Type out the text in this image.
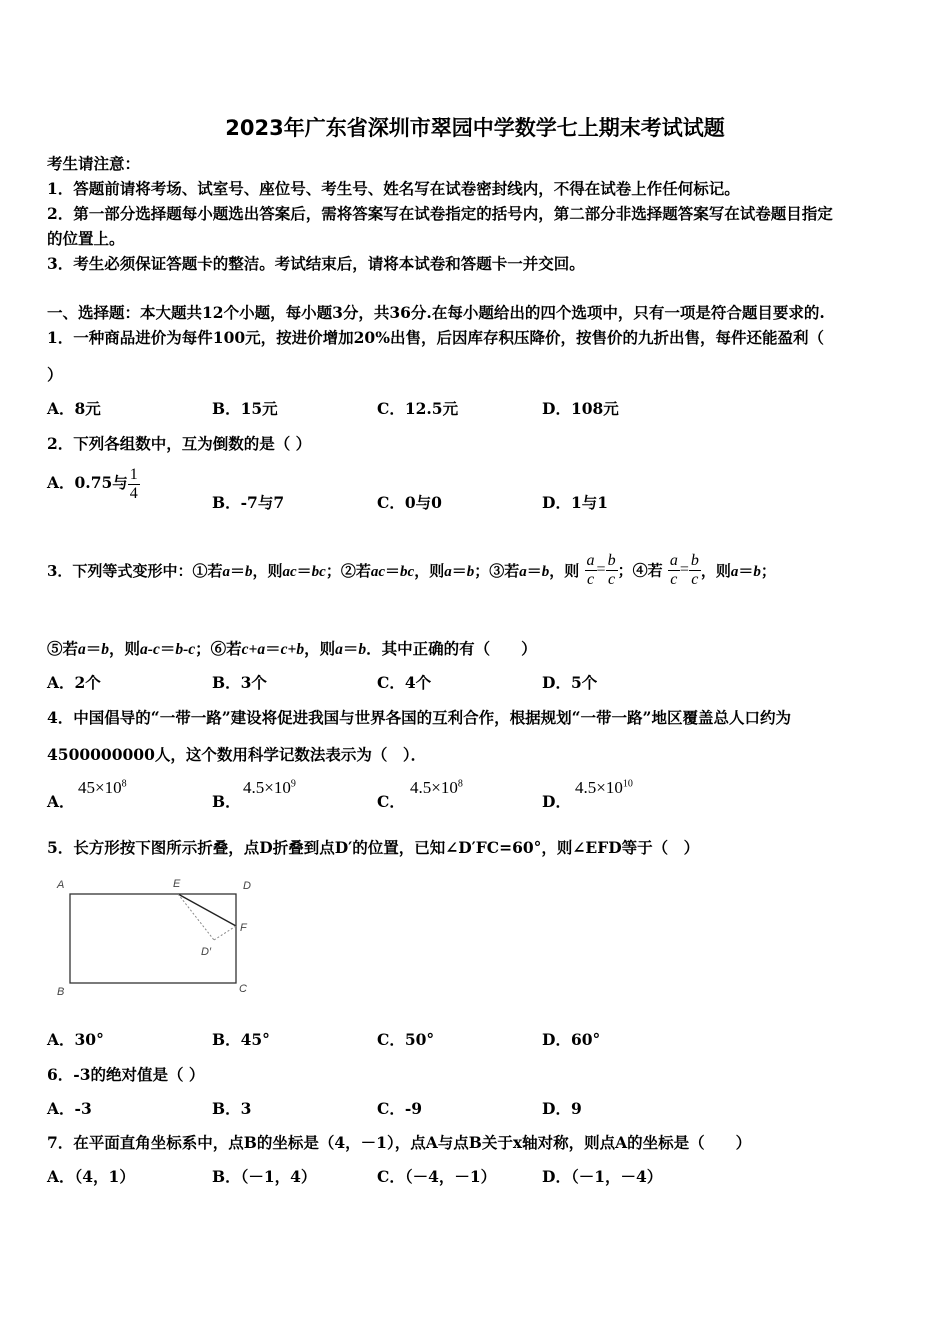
2023年广东省深圳市翠园中学数学七上期末考试试题
考生请注意：
1．答题前请将考场、试室号、座位号、考生号、姓名写在试卷密封线内，不得在试卷上作任何标记。
2．第一部分选择题每小题选出答案后，需将答案写在试卷指定的括号内，第二部分非选择题答案写在试卷题目指定
的位置上。
3．考生必须保证答题卡的整洁。考试结束后，请将本试卷和答题卡一并交回。
一、选择题：本大题共12个小题，每小题3分，共36分.在每小题给出的四个选项中，只有一项是符合题目要求的.
1．一种商品进价为每件100元，按进价增加20%出售，后因库存积压降价，按售价的九折出售，每件还能盈利（
）
A．8元	B．15元	C．12.5元	D．108元
2．下列各组数中，互为倒数的是（ ）
A．0.75与 $\frac{1}{4}$
B．-7与7	C．0与0	D．1与1
3．下列等式变形中：①若a＝b，则ac＝bc；②若ac＝bc，则a＝b；③若a＝b，则 $\frac{a}{c} = \frac{b}{c}$ ；④若 $\frac{a}{c} = \frac{b}{c}$ ，则a＝b；
⑤若a＝b，则a-c＝b-c；⑥若c+a＝c+b，则a＝b．其中正确的有（　　）
A．2个	B．3个	C．4个	D．5个
4．中国倡导的“一带一路”建设将促进我国与世界各国的互利合作，根据规划“一带一路”地区覆盖总人口约为
4500000000人，这个数用科学记数法表示为（　）．
A．
$45\times 10^8$
B．
$4.5\times 10^9$
C．
$4.5\times 10^8$
D．
$4.5\times 10^{10}$
5．长方形按下图所示折叠，点D折叠到点D′的位置，已知∠D′FC=60°，则∠EFD等于（　）
A	E	D
F
D′
B	C
A．30°	B．45°	C．50°	D．60°
6．-3的绝对值是（ ）
A．-3	B．3	C．-9	D．9
7．在平面直角坐标系中，点B的坐标是（4，－1），点A与点B关于x轴对称，则点A的坐标是（　　）
A．（4，1）	B．（－1，4）	C．（－4，－1）	D．（－1，－4）
